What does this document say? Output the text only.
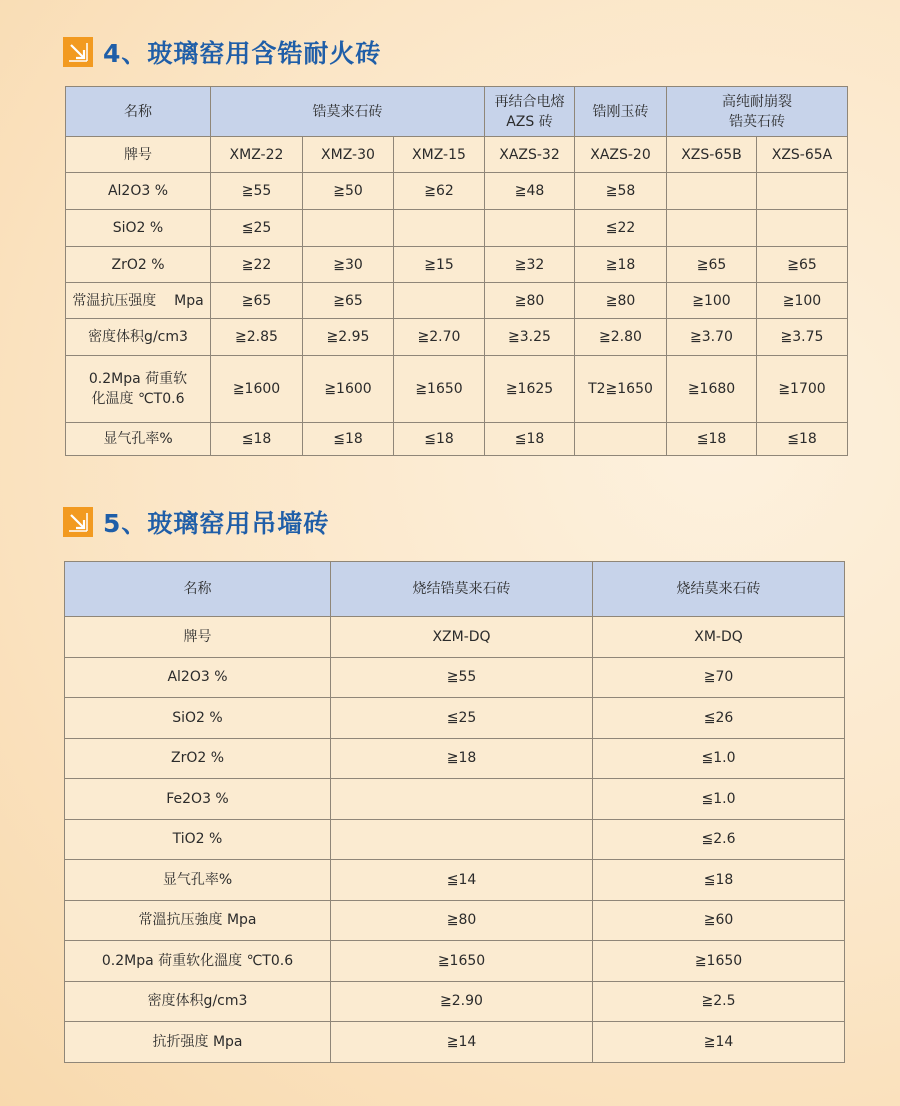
4、玻璃窑用含锆耐火砖
名称	锆莫来石砖			再结合电熔
AZS 砖	锆刚玉砖	高纯耐崩裂
锆英石砖	
牌号	XMZ-22	XMZ-30	XMZ-15	XAZS-32	XAZS-20	XZS-65B	XZS-65A
Al2O3 %	≧55	≧50	≧62	≧48	≧58		
SiO2 %	≦25				≦22		
ZrO2 %	≧22	≧30	≧15	≧32	≧18	≧65	≧65
常温抗压强度    Mpa	≧65	≧65		≧80	≧80	≧100	≧100
密度体积g/cm3	≧2.85	≧2.95	≧2.70	≧3.25	≧2.80	≧3.70	≧3.75
0.2Mpa 荷重软
化温度 ℃T0.6	≧1600	≧1600	≧1650	≧1625	T2≧1650	≧1680	≧1700
显气孔率%	≦18	≦18	≦18	≦18		≦18	≦18
5、玻璃窑用吊墙砖
名称	烧结锆莫来石砖	烧结莫来石砖
牌号	XZM-DQ	XM-DQ
Al2O3 %	≧55	≧70
SiO2 %	≦25	≦26
ZrO2 %	≧18	≦1.0
Fe2O3 %		≦1.0
TiO2 %		≦2.6
显气孔率%	≦14	≦18
常溫抗压強度 Mpa	≧80	≧60
0.2Mpa 荷重软化溫度 ℃T0.6	≧1650	≧1650
密度体积g/cm3	≧2.90	≧2.5
抗折强度 Mpa	≧14	≧14
